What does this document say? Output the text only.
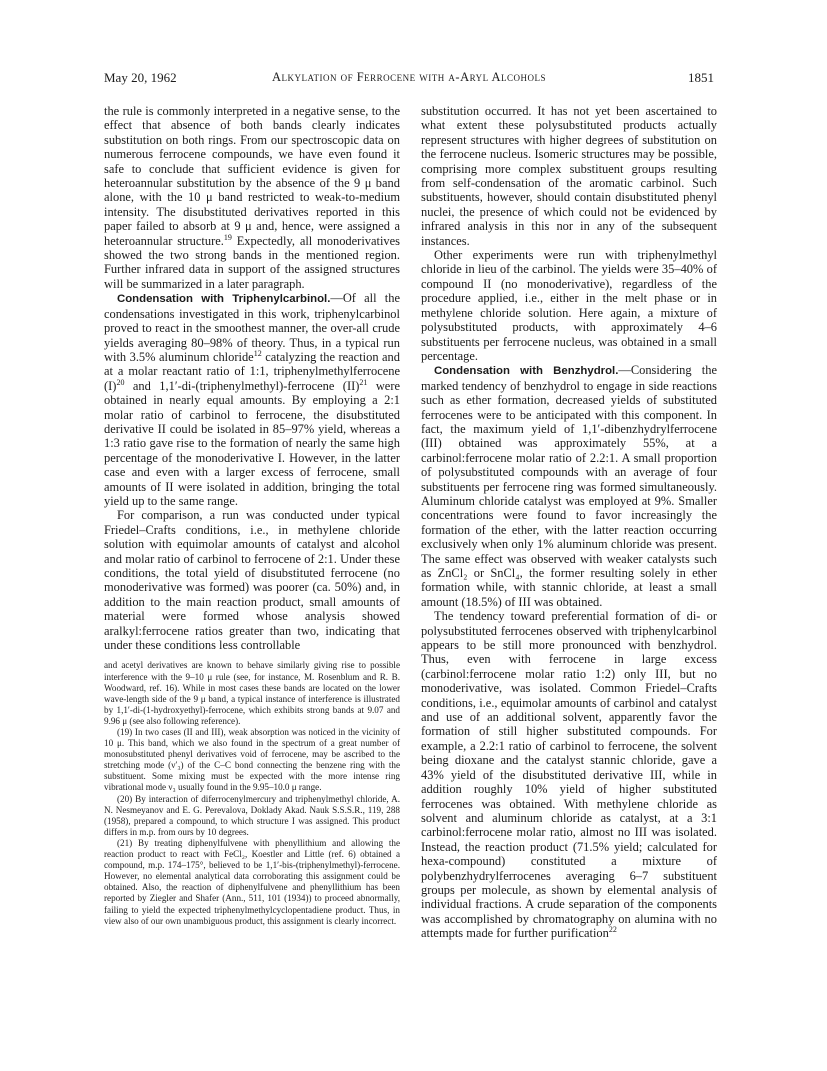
May 20, 1962	Alkylation of Ferrocene with α-Aryl Alcohols	1851

the rule is commonly interpreted in a negative sense, to the effect that absence of both bands clearly indicates substitution on both rings. From our spectroscopic data on numerous ferrocene compounds, we have even found it safe to conclude that sufficient evidence is given for heteroannular substitution by the absence of the 9 μ band alone, with the 10 μ band restricted to weak-to-medium intensity. The disubstituted derivatives reported in this paper failed to absorb at 9 μ and, hence, were assigned a heteroannular structure.$^{19}$ Expectedly, all monoderivatives showed the two strong bands in the mentioned region. Further infrared data in support of the assigned structures will be summarized in a later paragraph.

Condensation with Triphenylcarbinol.—Of all the condensations investigated in this work, triphenylcarbinol proved to react in the smoothest manner, the over-all crude yields averaging 80–98% of theory. Thus, in a typical run with 3.5% aluminum chloride$^{12}$ catalyzing the reaction and at a molar reactant ratio of 1:1, triphenylmethylferrocene $(I)^{20}$ and 1,1′-di-(triphenylmethyl)-ferrocene (II)$^{21}$ were obtained in nearly equal amounts. By employing a 2:1 molar ratio of carbinol to ferrocene, the disubstituted derivative II could be isolated in 85–97% yield, whereas a 1:3 ratio gave rise to the formation of nearly the same high percentage of the monoderivative I. However, in the latter case and even with a larger excess of ferrocene, small amounts of II were isolated in addition, bringing the total yield up to the same range.

For comparison, a run was conducted under typical Friedel–Crafts conditions, i.e., in methylene chloride solution with equimolar amounts of catalyst and alcohol and molar ratio of carbinol to ferrocene of 2:1. Under these conditions, the total yield of disubstituted ferrocene (no monoderivative was formed) was poorer (ca. 50%) and, in addition to the main reaction product, small amounts of material were formed whose analysis showed aralkyl:ferrocene ratios greater than two, indicating that under these conditions less controllable

and acetyl derivatives are known to behave similarly giving rise to possible interference with the 9–10 μ rule (see, for instance, M. Rosenblum and R. B. Woodward, ref. 16). While in most cases these bands are located on the lower wave-length side of the 9 μ band, a typical instance of interference is illustrated by 1,1′-di-(1-hydroxyethyl)-ferrocene, which exhibits strong bands at 9.07 and 9.96 μ (see also following reference).

(19) In two cases (II and III), weak absorption was noticed in the vicinity of 10 μ. This band, which we also found in the spectrum of a great number of monosubstituted phenyl derivatives void of ferrocene, may be ascribed to the stretching mode (ν′₃) of the C–C bond connecting the benzene ring with the substituent. Some mixing must be expected with the more intense ring vibrational mode ν₃ usually found in the 9.95–10.0 μ range.

(20) By interaction of diferrocenylmercury and triphenylmethyl chloride, A. N. Nesmeyanov and E. G. Perevalova, Doklady Akad. Nauk S.S.S.R., 119, 288 (1958), prepared a compound, to which structure I was assigned. This product differs in m.p. from ours by 10 degrees.

(21) By treating diphenylfulvene with phenyllithium and allowing the reaction product to react with FeCl₂, Koestler and Little (ref. 6) obtained a compound, m.p. 174–175°, believed to be 1,1′-bis-(triphenylmethyl)-ferrocene. However, no elemental analytical data corroborating this assignment could be obtained. Also, the reaction of diphenylfulvene and phenyllithium has been reported by Ziegler and Shafer (Ann., 511, 101 (1934)) to proceed abnormally, failing to yield the expected triphenylmethylcyclopentadiene product. Thus, in view also of our own unambiguous product, this assignment is clearly incorrect.

substitution occurred. It has not yet been ascertained to what extent these polysubstituted products actually represent structures with higher degrees of substitution on the ferrocene nucleus. Isomeric structures may be possible, comprising more complex substituent groups resulting from self-condensation of the aromatic carbinol. Such substituents, however, should contain disubstituted phenyl nuclei, the presence of which could not be evidenced by infrared analysis in this nor in any of the subsequent instances.

Other experiments were run with triphenylmethyl chloride in lieu of the carbinol. The yields were 35–40% of compound II (no monoderivative), regardless of the procedure applied, i.e., either in the melt phase or in methylene chloride solution. Here again, a mixture of polysubstituted products, with approximately 4–6 substituents per ferrocene nucleus, was obtained in a small percentage.

Condensation with Benzhydrol.—Considering the marked tendency of benzhydrol to engage in side reactions such as ether formation, decreased yields of substituted ferrocenes were to be anticipated with this component. In fact, the maximum yield of 1,1′-dibenzhydrylferrocene (III) obtained was approximately 55%, at a carbinol:ferrocene molar ratio of 2.2:1. A small proportion of polysubstituted compounds with an average of four substituents per ferrocene ring was formed simultaneously. Aluminum chloride catalyst was employed at 9%. Smaller concentrations were found to favor increasingly the formation of the ether, with the latter reaction occurring exclusively when only 1% aluminum chloride was present. The same effect was observed with weaker catalysts such as ZnCl₂ or SnCl₄, the former resulting solely in ether formation while, with stannic chloride, at least a small amount (18.5%) of III was obtained.

The tendency toward preferential formation of di- or polysubstituted ferrocenes observed with triphenylcarbinol appears to be still more pronounced with benzhydrol. Thus, even with ferrocene in large excess (carbinol:ferrocene molar ratio 1:2) only III, but no monoderivative, was isolated. Common Friedel–Crafts conditions, i.e., equimolar amounts of carbinol and catalyst and use of an additional solvent, apparently favor the formation of still higher substituted compounds. For example, a 2.2:1 ratio of carbinol to ferrocene, the solvent being dioxane and the catalyst stannic chloride, gave a 43% yield of the disubstituted derivative III, while in addition roughly 10% yield of higher substituted ferrocenes was obtained. With methylene chloride as solvent and aluminum chloride as catalyst, at a 3:1 carbinol:ferrocene molar ratio, almost no III was isolated. Instead, the reaction product (71.5% yield; calculated for hexa-compound) constituted a mixture of polybenzhydrylferrocenes averaging 6–7 substituent groups per molecule, as shown by elemental analysis of individual fractions. A crude separation of the components was accomplished by chromatography on alumina with no attempts made for further purification$^{22}$
